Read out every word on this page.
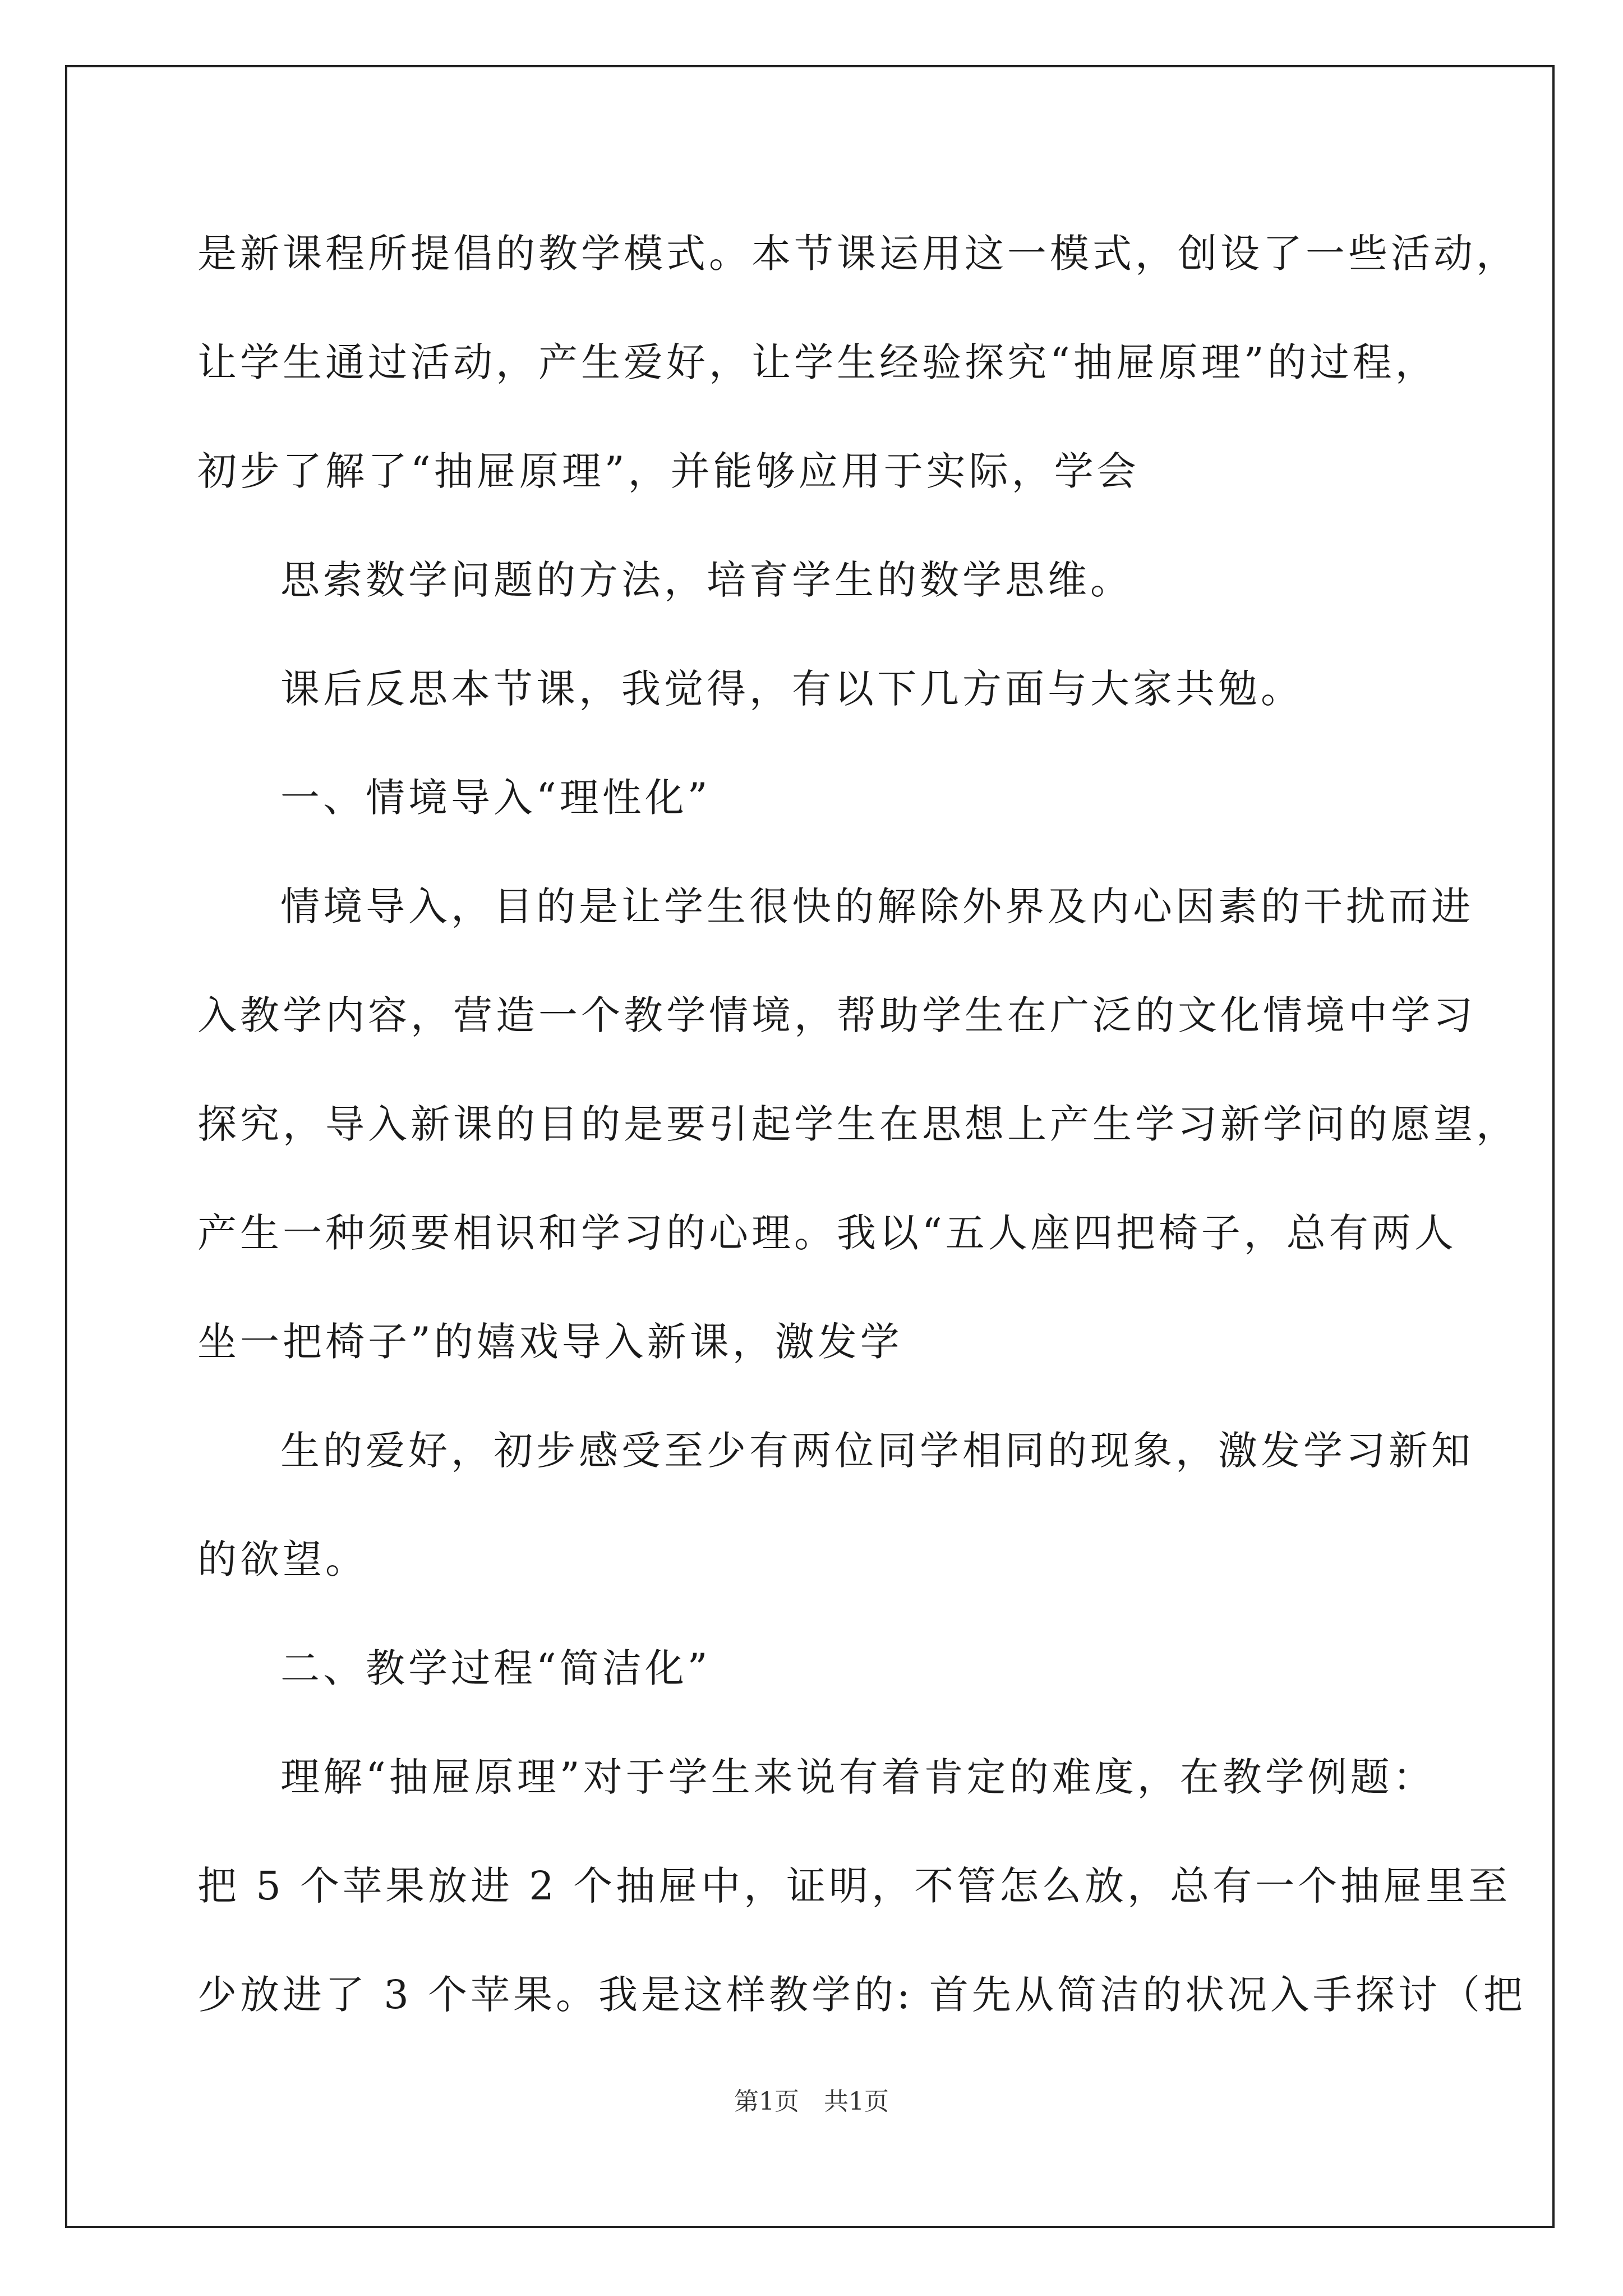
是新课程所提倡的教学模式。本节课运用这一模式，创设了一些活动，
让学生通过活动，产生爱好，让学生经验探究“抽屉原理”的过程，
初步了解了“抽屉原理”，并能够应用于实际，学会
思索数学问题的方法，培育学生的数学思维。
课后反思本节课，我觉得，有以下几方面与大家共勉。
一、情境导入“理性化”
情境导入，目的是让学生很快的解除外界及内心因素的干扰而进
入教学内容，营造一个教学情境，帮助学生在广泛的文化情境中学习
探究，导入新课的目的是要引起学生在思想上产生学习新学问的愿望，
产生一种须要相识和学习的心理。我以“五人座四把椅子，总有两人
坐一把椅子”的嬉戏导入新课，激发学
生的爱好，初步感受至少有两位同学相同的现象，激发学习新知
的欲望。
二、教学过程“简洁化”
理解“抽屉原理”对于学生来说有着肯定的难度，在教学例题：
把 5 个苹果放进 2 个抽屉中，证明，不管怎么放，总有一个抽屉里至
少放进了 3 个苹果。我是这样教学的: 首先从简洁的状况入手探讨（把
第1页　共1页
